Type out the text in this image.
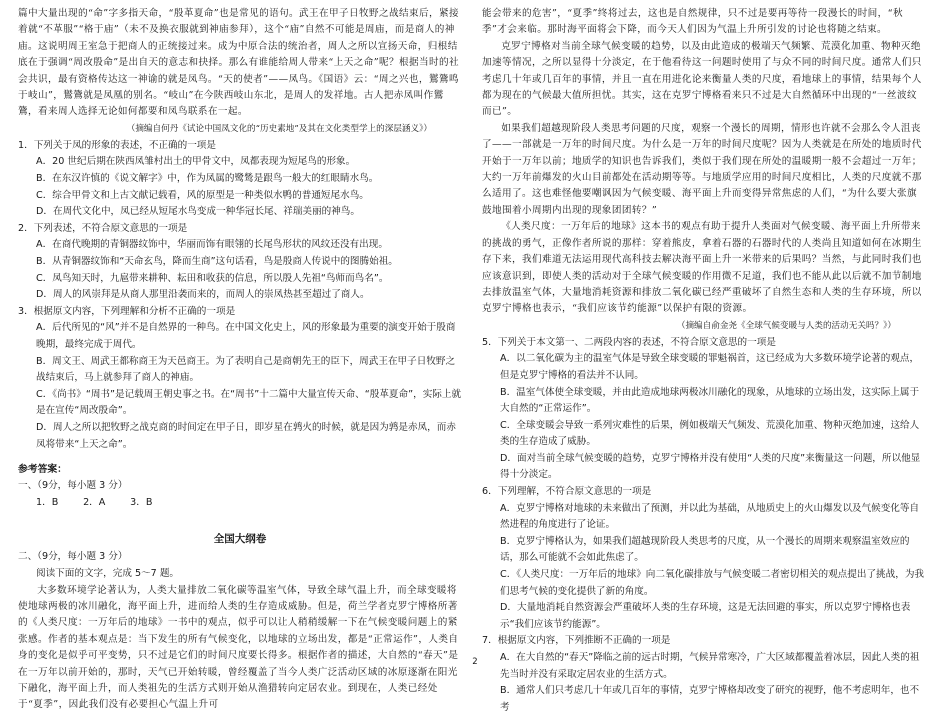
篇中大量出现的“命”字多指天命，“殷革夏命”也是常见的语句。武王在甲子日牧野之战结束后，紧接着就“不革服”“格于庙”（未不及换衣服就到神庙参拜），这个“庙”自然不可能是周庙，而是商人的神庙。这说明周王室急于把商人的正统接过来。成为中原合法的统治者，周人之所以宣扬天命，归根结底在于强调“周改殷命”是出自天的意志和抉择。那么有谁能给周人带来“上天之命”呢？根据当时的社会共识，最有资格传达这一神谕的就是凤鸟。“天的使者”——凤鸟。《国语》云：“周之兴也，鸑鷟鸣于岐山”，鸑鷟就是凤凰的别名。“岐山”在今陕西岐山东北，是周人的发祥地。古人把赤凤叫作鸑鷟，看来周人选择无论如何都要和凤鸟联系在一起。

（摘编自何丹《试论中国凤文化的“历史素地”及其在文化类型学上的深层涵义》）

1．下列关于凤的形象的表述，不正确的一项是

A．20 世纪后期在陕西凤雏村出土的甲骨文中，凤都表现为短尾鸟的形象。

B．在东汉许慎的《说文解字》中，作为凤属的鹭鸶是跟鸟一般大的红眼睛水鸟。

C．综合甲骨文和上古文献记载看，风的原型是一种类似水鸭的普通短尾水鸟。

D．在周代文化中，凤已经从短尾水鸟变成一种华冠长尾、祥瑞美丽的神鸟。

2．下列表述，不符合原文意思的一项是

A．在商代晚期的青铜器纹饰中，华丽而饰有眼翎的长尾鸟形状的风纹还没有出现。

B．从青铜器纹饰和“天命玄鸟，降而生商”这句话看，鸟是殷商人传说中的图腾始祖。

C．凤鸟知天时，九扈带来耕种、耘田和收获的信息，所以殷人先祖“鸟师而鸟名”。

D．周人的风崇拜是从商人那里沿袭而来的，而周人的崇凤热甚至超过了商人。

3．根据原文内容，下列理解和分析不正确的一项是

A．后代所见的“风”并不是自然界的一种鸟。在中国文化史上，风的形象最为重要的演变开始于殷商晚期，最终完成于周代。

B．周文王、周武王都称商王为天邑商王。为了表明自己是商朝先王的臣下，周武王在甲子日牧野之战结束后，马上就参拜了商人的神庙。

C．《尚书》“周书”是记载周王朝史事之书。在“周书”十二篇中大量宣传天命、“殷革夏命”，实际上就是在宣传“周改殷命”。

D．周人之所以把牧野之战克商的时间定在甲子日，即岁星在鹑火的时候，就是因为鹑是赤凤，而赤凤将带来“上天之命”。

参考答案：

一、（9分，每小题 3 分）

1．B	2．A	3．B

全国大纲卷

二、（9分，每小题 3 分）

阅读下面的文字，完成 5～7 题。

大多数环境学论著认为，人类大量排放二氧化碳等温室气体，导致全球气温上升，而全球变暖将使地球两极的冰川融化，海平面上升，进而给人类的生存造成威胁。但是，荷兰学者克罗宁博格所著的《人类尺度：一万年后的地球》一书中的观点，似乎可以让人稍稍缓解一下在气候变暖问题上的紧张感。作者的基本观点是：当下发生的所有气候变化，以地球的立场出发，都是“正常运作”，人类自身的变化是似乎可平变势，只不过是它们的时间尺度要长得多。根据作者的描述，大自然的“春天”是在一万年以前开始的，那时，天气已开始转暖，曾经覆盖了当今人类广泛活动区域的冰原逐渐在阳光下融化，海平面上升，而人类祖先的生活方式则开始从渔猎转向定居农业。到现在，人类已经处于“夏季”，因此我们没有必要担心气温上升可

能会带来的危害”，“夏季”终将过去，这也是自然规律，只不过是要再等待一段漫长的时间，“秋季”才会来临。那时海平面将会下降，而今天人们因为气温上升所引发的讨论也将随之结束。

克罗宁博格对当前全球气候变暖的趋势，以及由此造成的极端天气频繁、荒漠化加重、物种灭绝加速等情况，之所以显得十分淡定，在于他看待这一问题时使用了与众不同的时间尺度。通常人们只考虑几十年或几百年的事情，并且一直在用进化论来衡量人类的尺度，看地球上的事情，结果每个人都为现在的气候最大值所担忧。其实，这在克罗宁博格看来只不过是大自然循环中出现的“一丝波纹而已”。

如果我们超越现阶段人类思考问题的尺度，观察一个漫长的周期，情形也许就不会那么令人沮丧了——一部就是一万年的时间尺度。为什么是一万年的时间尺度呢？因为人类就是在所处的地质时代开始于一万年以前；地质学的知识也告诉我们，类似于我们现在所处的温暖期一般不会超过一万年；大约一万年前爆发的火山目前都处在活动期等等。与地质学应用的时间尺度相比，人类的尺度就不那么适用了。这也难怪他要嘲讽因为气候变暖、海平面上升而变得异常焦虑的人们，“为什么要大张旗鼓地围着小周期内出现的现象团团转？”

《人类尺度：一万年后的地球》这本书的观点有助于提升人类面对气候变暖、海平面上升所带来的挑战的勇气，正像作者所说的那样：穿着熊皮，拿着石器的石器时代的人类尚且知道如何在冰期生存下来，我们难道无法运用现代高科技去解决海平面上升一米带来的后果吗？当然，与此同时我们也应该意识到，即使人类的活动对于全球气候变暖的作用微不足道，我们也不能从此以后就不加节制地去排放温室气体，大量地消耗资源和排放二氧化碳已经严重破坏了自然生态和人类的生存环境，所以克罗宁博格也表示，“我们应该节约能源”以保护有限的资源。

（摘编自俞金尧《全球气候变暖与人类的活动无关吗？》）

5．下列关于本文第一、二两段内容的表述，不符合原文意思的一项是

A．以二氧化碳为主的温室气体是导致全球变暖的罪魁祸首，这已经成为大多数环境学论著的观点，但是克罗宁博格的看法并不认同。

B．温室气体使全球变暖，并由此造成地球两极冰川融化的现象，从地球的立场出发，这实际上属于大自然的“正常运作”。

C．全球变暖会导致一系列灾难性的后果，例如极端天气频发、荒漠化加重、物种灭绝加速，这给人类的生存造成了威胁。

D．面对当前全球气候变暖的趋势，克罗宁博格并没有使用“人类的尺度”来衡量这一问题，所以他显得十分淡定。

6．下列理解，不符合原文意思的一项是

A．克罗宁博格对地球的未来做出了预测，并以此为基础，从地质史上的火山爆发以及气候变化等自然进程的角度进行了论证。

B．克罗宁博格认为，如果我们超越现阶段人类思考的尺度，从一个漫长的周期来观察温室效应的话，那么可能就不会如此焦虑了。

C．《人类尺度：一万年后的地球》向二氧化碳排放与气候变暖二者密切相关的观点提出了挑战，为我们思考气候的变化提供了新的角度。

D．大量地消耗自然资源会严重破坏人类的生存环境，这是无法回避的事实，所以克罗宁博格也表示“我们应该节约能源”。

7．根据原文内容，下列推断不正确的一项是

A．在大自然的“春天”降临之前的远古时期，气候异常寒冷，广大区域都覆盖着冰层，因此人类的祖先当时并没有采取定居农业的生活方式。

B．通常人们只考虑几十年或几百年的事情，克罗宁博格却改变了研究的视野，他不考虑明年，也不考

2
